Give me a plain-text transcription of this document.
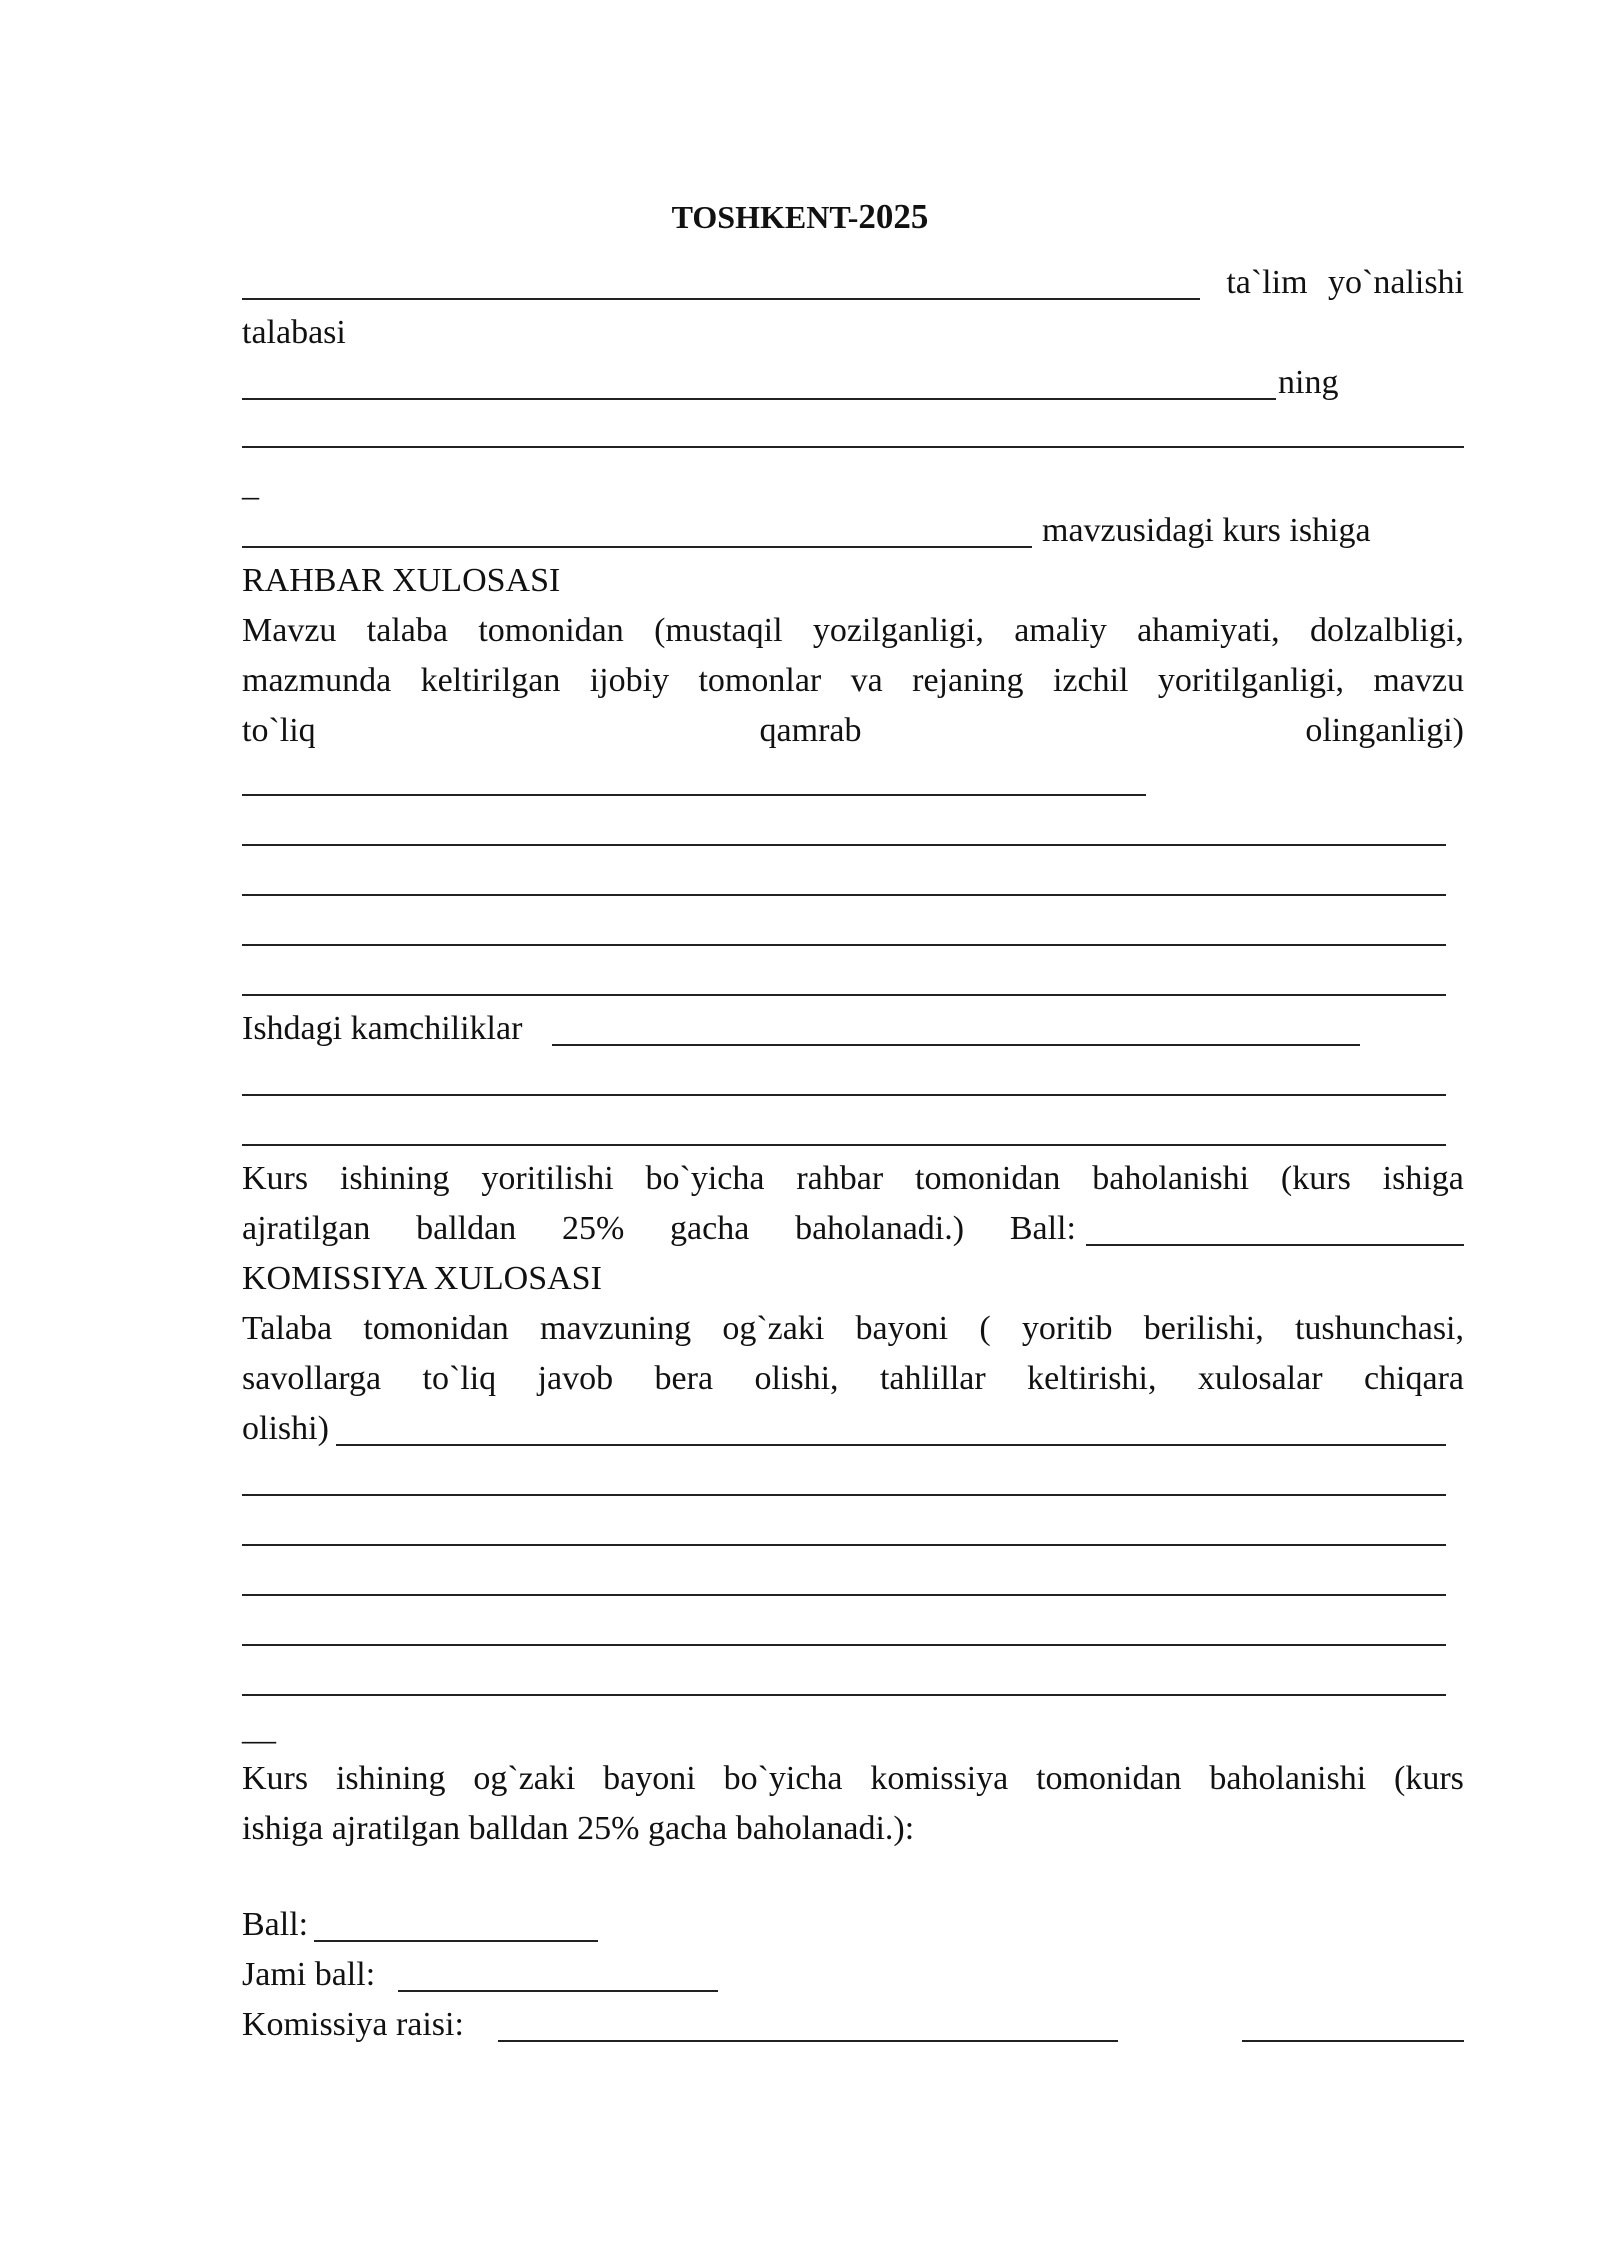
TOSHKENT-2025
ta`lim yo`nalishi
talabasi
ning
_
mavzusidagi kurs ishiga
RAHBAR XULOSASI
Mavzu talaba tomonidan (mustaqil yozilganligi, amaliy ahamiyati, dolzalbligi,
mazmunda keltirilgan ijobiy tomonlar va rejaning izchil yoritilganligi, mavzu
to`liq	qamrab	olinganligi)
Ishdagi kamchiliklar
Kurs ishining yoritilishi bo`yicha rahbar tomonidan baholanishi (kurs ishiga
ajratilgan balldan 25% gacha baholanadi.) Ball:
KOMISSIYA XULOSASI
Talaba tomonidan mavzuning og`zaki bayoni ( yoritib berilishi, tushunchasi,
savollarga to`liq javob bera olishi, tahlillar keltirishi, xulosalar chiqara
olishi)
__
Kurs ishining og`zaki bayoni bo`yicha komissiya tomonidan baholanishi (kurs
ishiga ajratilgan balldan 25% gacha baholanadi.):
Ball:
Jami ball:
Komissiya raisi:
